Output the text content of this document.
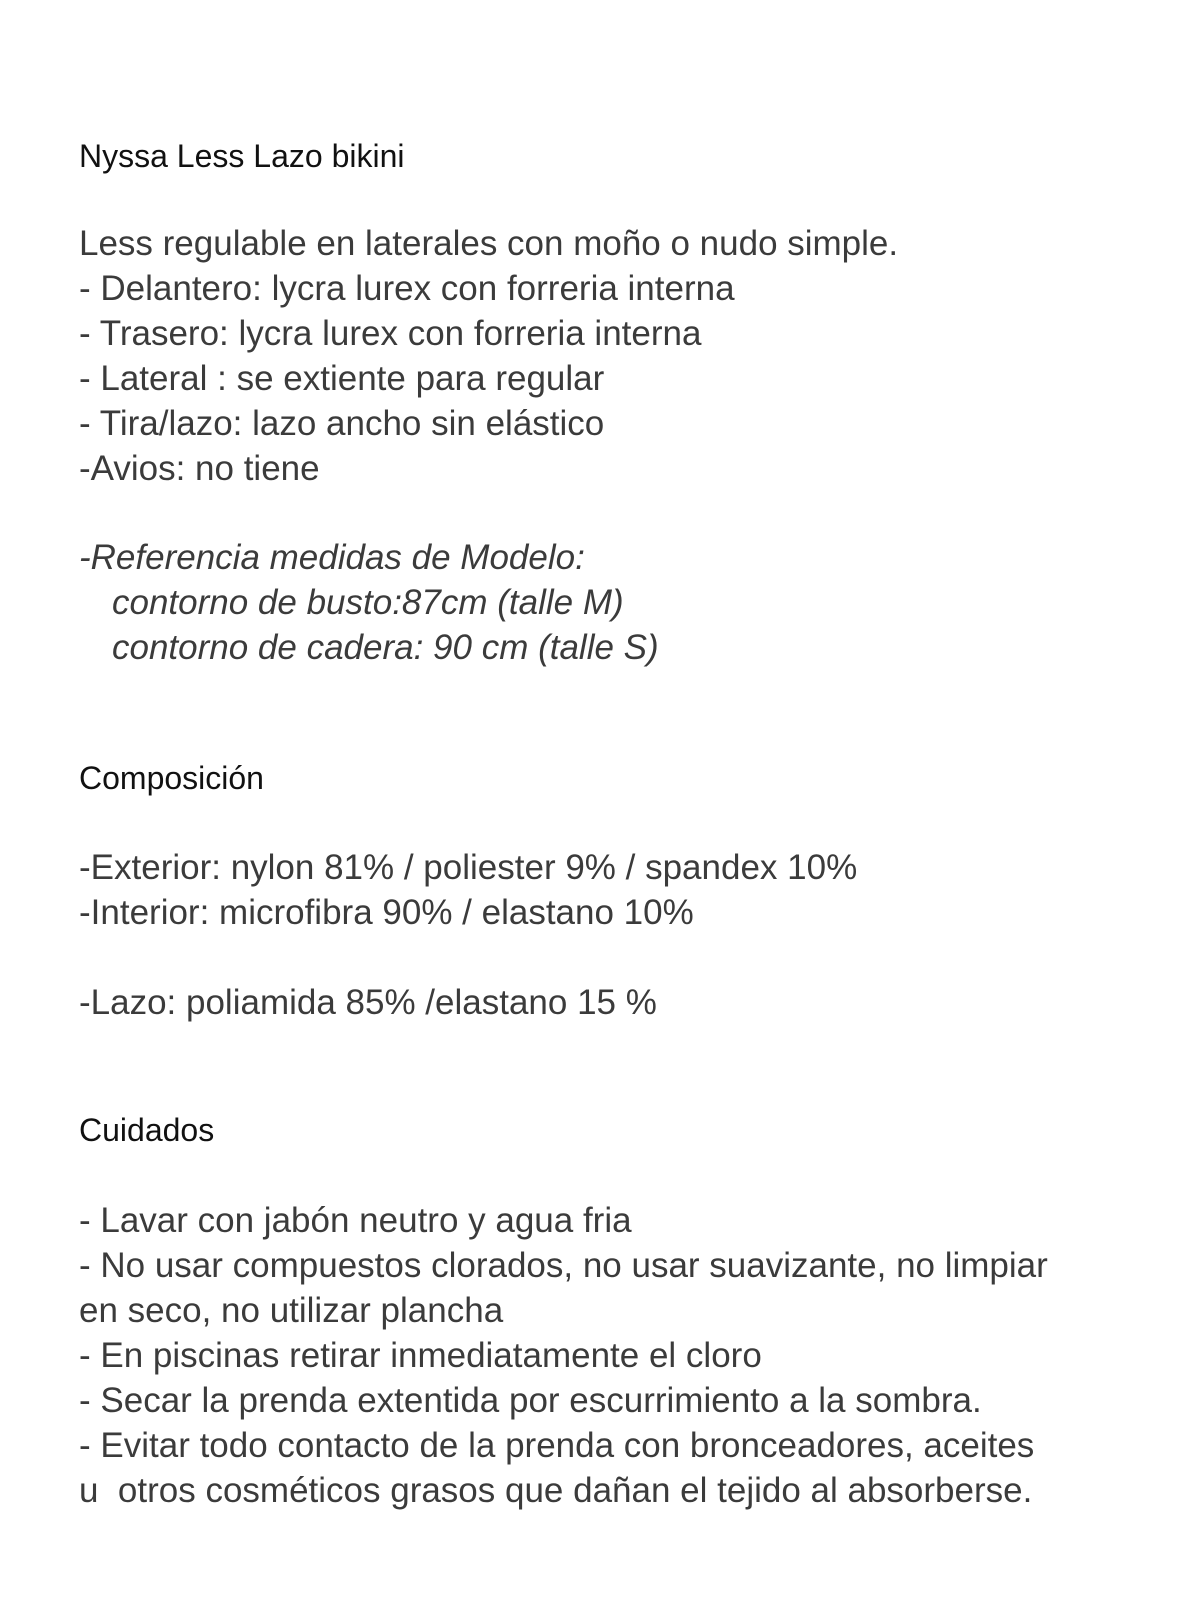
Nyssa Less Lazo bikini
Less regulable en laterales con moño o nudo simple.
- Delantero: lycra lurex con forreria interna
- Trasero: lycra lurex con forreria interna
- Lateral : se extiente para regular
- Tira/lazo: lazo ancho sin elástico
-Avios: no tiene
-Referencia medidas de Modelo:
contorno de busto:87cm (talle M)
contorno de cadera: 90 cm (talle S)
Composición
-Exterior: nylon 81% / poliester 9% / spandex 10%
-Interior: microfibra 90% / elastano 10%
-Lazo: poliamida 85% /elastano 15 %
Cuidados
- Lavar con jabón neutro y agua fria
- No usar compuestos clorados, no usar suavizante, no limpiar
en seco, no utilizar plancha
- En piscinas retirar inmediatamente el cloro
- Secar la prenda extentida por escurrimiento a la sombra.
- Evitar todo contacto de la prenda con bronceadores, aceites
u  otros cosméticos grasos que dañan el tejido al absorberse.
